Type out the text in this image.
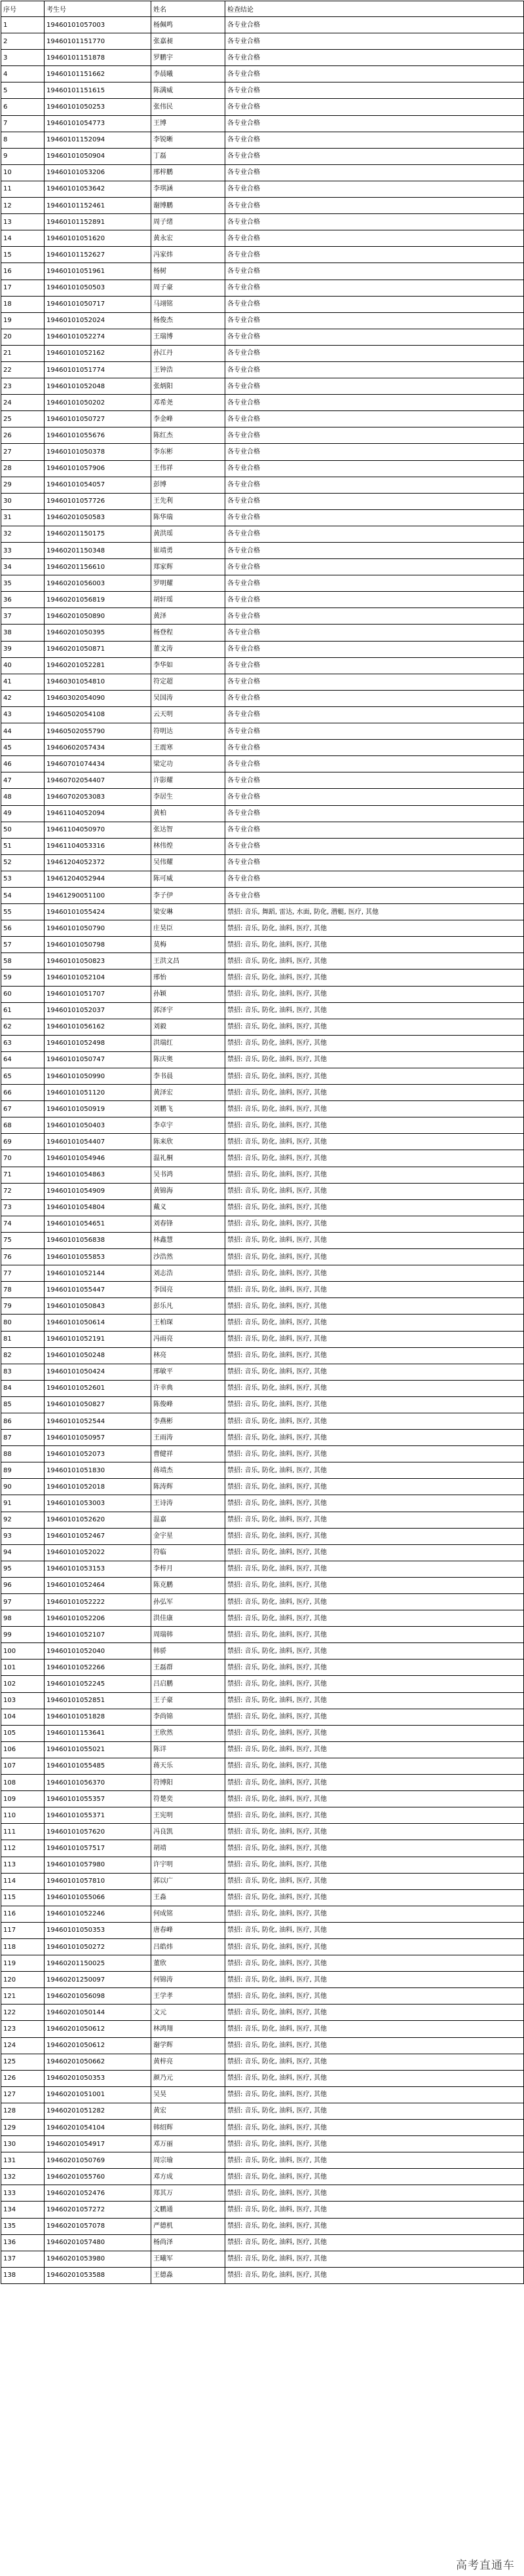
序号	考生号	姓名	检查结论
1	19460101057003	杨佩鸣	各专业合格
2	19460101151770	张嘉昶	各专业合格
3	19460101151878	罗鹏宇	各专业合格
4	19460101151662	李晨曦	各专业合格
5	19460101151615	陈满威	各专业合格
6	19460101050253	张伟民	各专业合格
7	19460101054773	王博	各专业合格
8	19460101152094	李锐晰	各专业合格
9	19460101050904	丁磊	各专业合格
10	19460101053206	邢梓鹏	各专业合格
11	19460101053642	李琪涵	各专业合格
12	19460101152461	谢博鹏	各专业合格
13	19460101152891	周子绪	各专业合格
14	19460101051620	黄永宏	各专业合格
15	19460101152627	冯家炜	各专业合格
16	19460101051961	杨树	各专业合格
17	19460101050503	周子豪	各专业合格
18	19460101050717	马翊铭	各专业合格
19	19460101052024	杨俊杰	各专业合格
20	19460101052274	王瑞博	各专业合格
21	19460101052162	孙江丹	各专业合格
22	19460101051774	王钟浩	各专业合格
23	19460101052048	张炳阳	各专业合格
24	19460101050202	邓希尧	各专业合格
25	19460101050727	李金峰	各专业合格
26	19460101055676	陈红杰	各专业合格
27	19460101050378	李东彬	各专业合格
28	19460101057906	王伟祥	各专业合格
29	19460101054057	彭博	各专业合格
30	19460101057726	王先利	各专业合格
31	19460201050583	陈华瑞	各专业合格
32	19460201150175	黄洪瑶	各专业合格
33	19460201150348	崔靖勇	各专业合格
34	19460201156610	郑家辉	各专业合格
35	19460201056003	罗明耀	各专业合格
36	19460201056819	胡轩瑶	各专业合格
37	19460201050890	黄泽	各专业合格
38	19460201050395	杨登程	各专业合格
39	19460201050871	董文涛	各专业合格
40	19460201052281	李华如	各专业合格
41	19460301054810	符定超	各专业合格
42	19460302054090	吴国涛	各专业合格
43	19460502054108	云天明	各专业合格
44	19460502055790	符明达	各专业合格
45	19460602057434	王震寒	各专业合格
46	19460701074434	梁定功	各专业合格
47	19460702054407	许影耀	各专业合格
48	19460702053083	李居生	各专业合格
49	19461104052094	黄柏	各专业合格
50	19461104050970	张达智	各专业合格
51	19461104053316	林伟煌	各专业合格
52	19461204052372	吴伟耀	各专业合格
53	19461204052944	陈可威	各专业合格
54	19461290051100	李子伊	各专业合格
55	19460101055424	梁安琳	禁招: 音乐, 舞蹈, 雷达, 水面, 防化, 潜艇, 医疗, 其他
56	19460101050790	庄昊臣	禁招: 音乐, 防化, 油料, 医疗, 其他
57	19460101050798	莫梅	禁招: 音乐, 防化, 油料, 医疗, 其他
58	19460101050823	王洪文昌	禁招: 音乐, 防化, 油料, 医疗, 其他
59	19460101052104	邢怡	禁招: 音乐, 防化, 油料, 医疗, 其他
60	19460101051707	孙颖	禁招: 音乐, 防化, 油料, 医疗, 其他
61	19460101052037	郭泽宇	禁招: 音乐, 防化, 油料, 医疗, 其他
62	19460101056162	刘毅	禁招: 音乐, 防化, 油料, 医疗, 其他
63	19460101052498	洪瑞红	禁招: 音乐, 防化, 油料, 医疗, 其他
64	19460101050747	陈庆奥	禁招: 音乐, 防化, 油料, 医疗, 其他
65	19460101050990	李书晨	禁招: 音乐, 防化, 油料, 医疗, 其他
66	19460101051120	黄泽宏	禁招: 音乐, 防化, 油料, 医疗, 其他
67	19460101050919	刘鹏飞	禁招: 音乐, 防化, 油料, 医疗, 其他
68	19460101050403	李卓宇	禁招: 音乐, 防化, 油料, 医疗, 其他
69	19460101054407	陈来欣	禁招: 音乐, 防化, 油料, 医疗, 其他
70	19460101054946	温礼桐	禁招: 音乐, 防化, 油料, 医疗, 其他
71	19460101054863	吴书鸿	禁招: 音乐, 防化, 油料, 医疗, 其他
72	19460101054909	黄锦海	禁招: 音乐, 防化, 油料, 医疗, 其他
73	19460101054804	戴义	禁招: 音乐, 防化, 油料, 医疗, 其他
74	19460101054651	刘春锋	禁招: 音乐, 防化, 油料, 医疗, 其他
75	19460101056838	林鑫慧	禁招: 音乐, 防化, 油料, 医疗, 其他
76	19460101055853	沙浩然	禁招: 音乐, 防化, 油料, 医疗, 其他
77	19460101052144	刘志浩	禁招: 音乐, 防化, 油料, 医疗, 其他
78	19460101055447	李国亮	禁招: 音乐, 防化, 油料, 医疗, 其他
79	19460101050843	彭乐凡	禁招: 音乐, 防化, 油料, 医疗, 其他
80	19460101050614	王柏琛	禁招: 音乐, 防化, 油料, 医疗, 其他
81	19460101052191	冯雨亮	禁招: 音乐, 防化, 油料, 医疗, 其他
82	19460101050248	林亮	禁招: 音乐, 防化, 油料, 医疗, 其他
83	19460101050424	邢敏平	禁招: 音乐, 防化, 油料, 医疗, 其他
84	19460101052601	许幸典	禁招: 音乐, 防化, 油料, 医疗, 其他
85	19460101050827	陈俊峰	禁招: 音乐, 防化, 油料, 医疗, 其他
86	19460101052544	李燕彬	禁招: 音乐, 防化, 油料, 医疗, 其他
87	19460101050957	王雨涛	禁招: 音乐, 防化, 油料, 医疗, 其他
88	19460101052073	曹健祥	禁招: 音乐, 防化, 油料, 医疗, 其他
89	19460101051830	蒋靖杰	禁招: 音乐, 防化, 油料, 医疗, 其他
90	19460101052018	陈涛辉	禁招: 音乐, 防化, 油料, 医疗, 其他
91	19460101053003	王诗涛	禁招: 音乐, 防化, 油料, 医疗, 其他
92	19460101052620	温嘉	禁招: 音乐, 防化, 油料, 医疗, 其他
93	19460101052467	金宇星	禁招: 音乐, 防化, 油料, 医疗, 其他
94	19460101052022	符临	禁招: 音乐, 防化, 油料, 医疗, 其他
95	19460101053153	李梓月	禁招: 音乐, 防化, 油料, 医疗, 其他
96	19460101052464	陈克鹏	禁招: 音乐, 防化, 油料, 医疗, 其他
97	19460101052222	孙弘军	禁招: 音乐, 防化, 油料, 医疗, 其他
98	19460101052206	洪佳康	禁招: 音乐, 防化, 油料, 医疗, 其他
99	19460101052107	周瑞韩	禁招: 音乐, 防化, 油料, 医疗, 其他
100	19460101052040	韩骄	禁招: 音乐, 防化, 油料, 医疗, 其他
101	19460101052266	王磊群	禁招: 音乐, 防化, 油料, 医疗, 其他
102	19460101052245	吕启鹏	禁招: 音乐, 防化, 油料, 医疗, 其他
103	19460101052851	王子豪	禁招: 音乐, 防化, 油料, 医疗, 其他
104	19460101051828	李尚锦	禁招: 音乐, 防化, 油料, 医疗, 其他
105	19460101153641	王欣然	禁招: 音乐, 防化, 油料, 医疗, 其他
106	19460101055021	陈详	禁招: 音乐, 防化, 油料, 医疗, 其他
107	19460101055485	蒋天乐	禁招: 音乐, 防化, 油料, 医疗, 其他
108	19460101056370	符博阳	禁招: 音乐, 防化, 油料, 医疗, 其他
109	19460101055357	符楚奕	禁招: 音乐, 防化, 油料, 医疗, 其他
110	19460101055371	王宪明	禁招: 音乐, 防化, 油料, 医疗, 其他
111	19460101057620	冯良凯	禁招: 音乐, 防化, 油料, 医疗, 其他
112	19460101057517	胡靖	禁招: 音乐, 防化, 油料, 医疗, 其他
113	19460101057980	许宇明	禁招: 音乐, 防化, 油料, 医疗, 其他
114	19460101057810	郭以广	禁招: 音乐, 防化, 油料, 医疗, 其他
115	19460101055066	王淼	禁招: 音乐, 防化, 油料, 医疗, 其他
116	19460101052246	何成铭	禁招: 音乐, 防化, 油料, 医疗, 其他
117	19460101050353	唐春峰	禁招: 音乐, 防化, 油料, 医疗, 其他
118	19460101050272	吕皓炜	禁招: 音乐, 防化, 油料, 医疗, 其他
119	19460201150025	董欣	禁招: 音乐, 防化, 油料, 医疗, 其他
120	19460201250097	何锦涛	禁招: 音乐, 防化, 油料, 医疗, 其他
121	19460201056098	王学孝	禁招: 音乐, 防化, 油料, 医疗, 其他
122	19460201050144	文元	禁招: 音乐, 防化, 油料, 医疗, 其他
123	19460201050612	林鸿翔	禁招: 音乐, 防化, 油料, 医疗, 其他
124	19460201050612	谢学辉	禁招: 音乐, 防化, 油料, 医疗, 其他
125	19460201050662	黄梓亮	禁招: 音乐, 防化, 油料, 医疗, 其他
126	19460201050353	颜乃元	禁招: 音乐, 防化, 油料, 医疗, 其他
127	19460201051001	吴昊	禁招: 音乐, 防化, 油料, 医疗, 其他
128	19460201051282	黄宏	禁招: 音乐, 防化, 油料, 医疗, 其他
129	19460201054104	韩绍辉	禁招: 音乐, 防化, 油料, 医疗, 其他
130	19460201054917	邓万丽	禁招: 音乐, 防化, 油料, 医疗, 其他
131	19460201050769	周宗瑜	禁招: 音乐, 防化, 油料, 医疗, 其他
132	19460201055760	邓方成	禁招: 音乐, 防化, 油料, 医疗, 其他
133	19460201052476	郑其万	禁招: 音乐, 防化, 油料, 医疗, 其他
134	19460201057272	文鹏通	禁招: 音乐, 防化, 油料, 医疗, 其他
135	19460201057078	严德机	禁招: 音乐, 防化, 油料, 医疗, 其他
136	19460201057480	杨尚泽	禁招: 音乐, 防化, 油料, 医疗, 其他
137	19460201053980	王曦军	禁招: 音乐, 防化, 油料, 医疗, 其他
138	19460201053588	王德淼	禁招: 音乐, 防化, 油料, 医疗, 其他
高考直通车
